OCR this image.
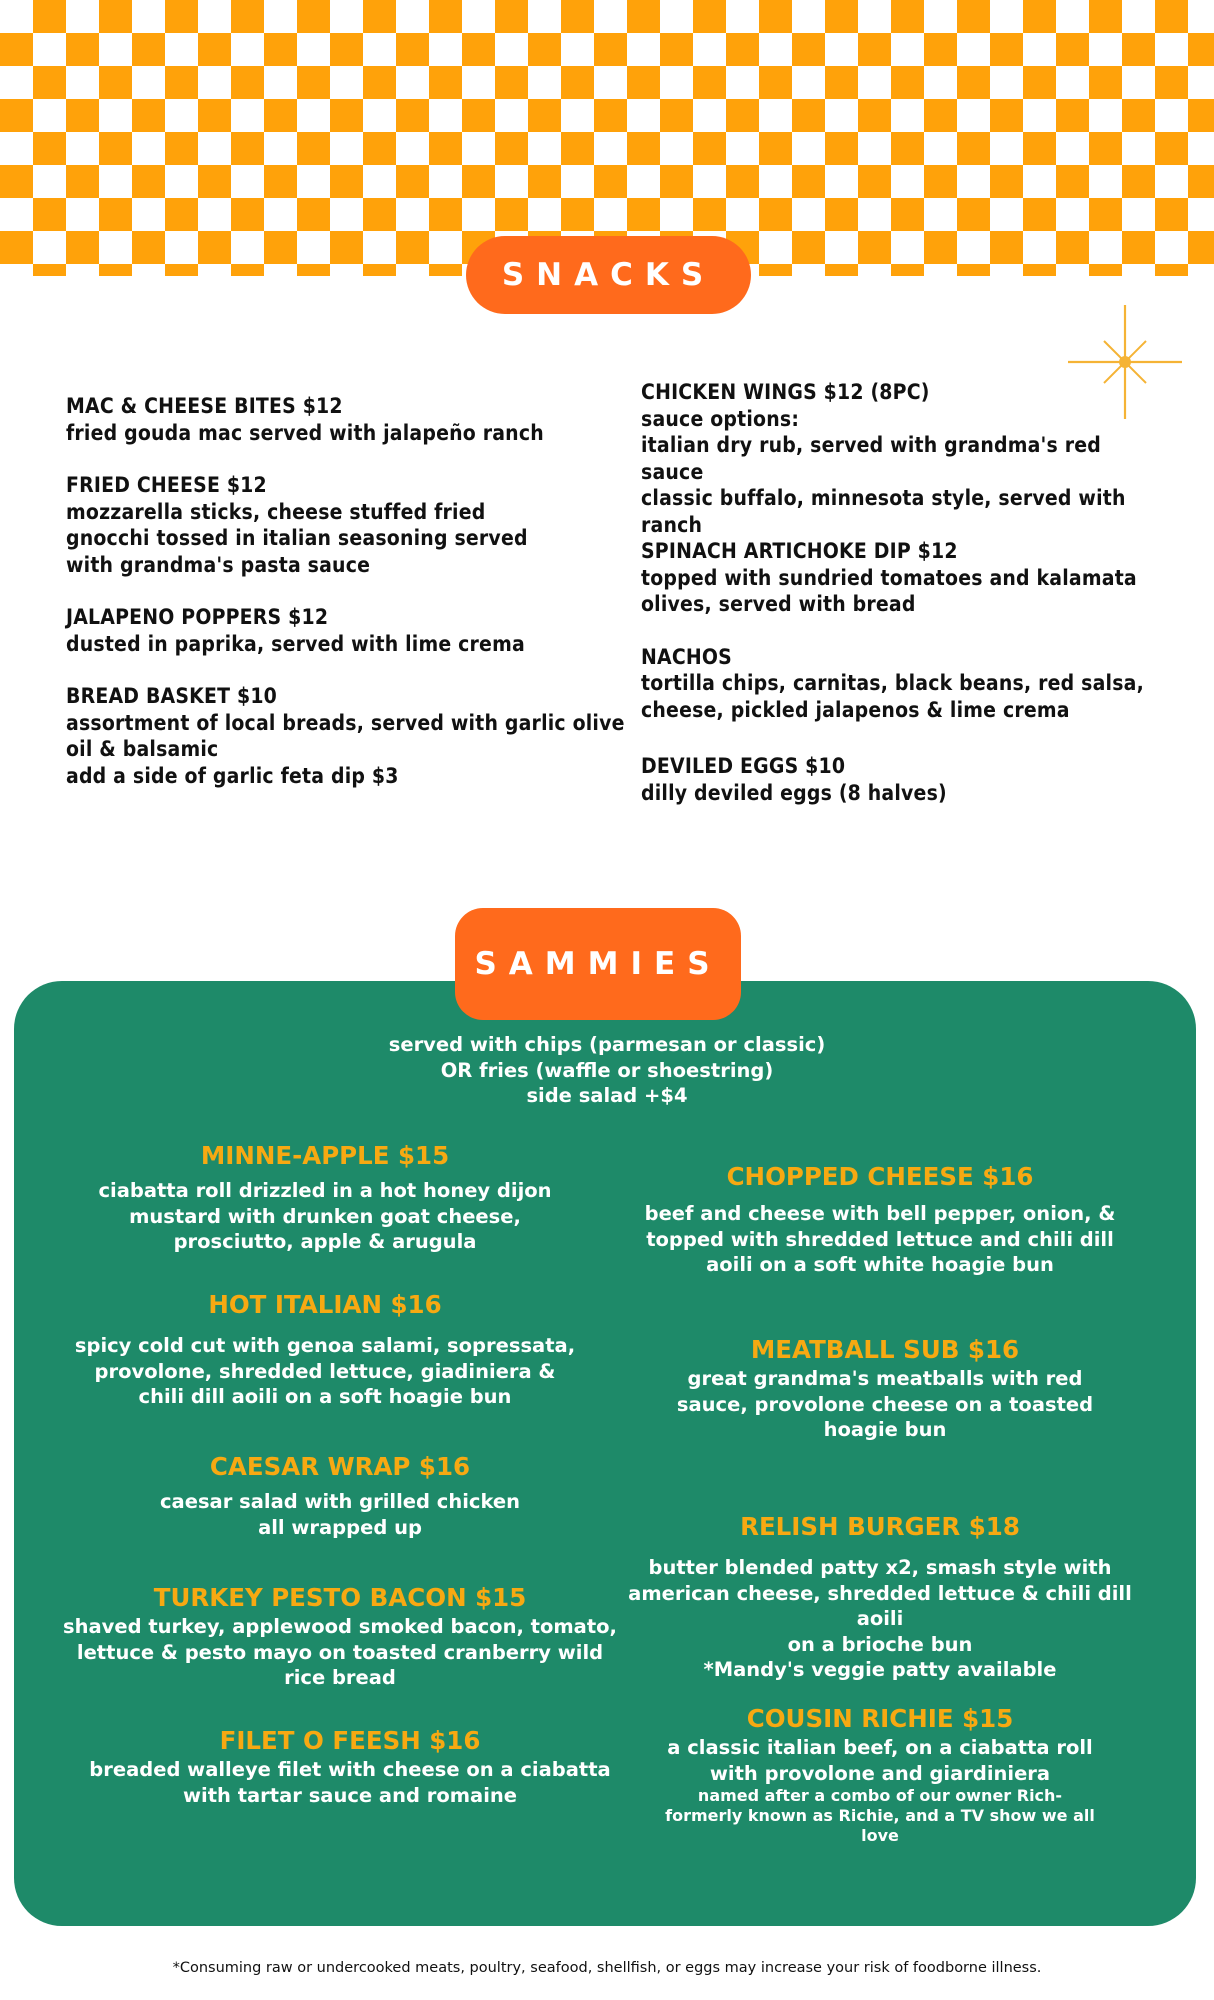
SNACKS
MAC & CHEESE BITES $12
fried gouda mac served with jalapeño ranch
FRIED CHEESE $12
mozzarella sticks, cheese stuffed fried
gnocchi tossed in italian seasoning served
with grandma's pasta sauce
JALAPENO POPPERS $12
dusted in paprika, served with lime crema
BREAD BASKET $10
assortment of local breads, served with garlic olive
oil & balsamic
add a side of garlic feta dip $3
CHICKEN WINGS $12 (8PC)
sauce options:
italian dry rub, served with grandma's red
sauce
classic buffalo, minnesota style, served with
ranch
SPINACH ARTICHOKE DIP $12
topped with sundried tomatoes and kalamata
olives, served with bread
NACHOS
tortilla chips, carnitas, black beans, red salsa,
cheese, pickled jalapenos & lime crema
DEVILED EGGS $10
dilly deviled eggs (8 halves)
SAMMIES
served with chips (parmesan or classic)
OR fries (waffle or shoestring)
side salad +$4
MINNE-APPLE $15
ciabatta roll drizzled in a hot honey dijon
mustard with drunken goat cheese,
prosciutto, apple & arugula
HOT ITALIAN $16
spicy cold cut with genoa salami, sopressata,
provolone, shredded lettuce, giadiniera &
chili dill aoili on a soft hoagie bun
CAESAR WRAP $16
caesar salad with grilled chicken
all wrapped up
TURKEY PESTO BACON $15
shaved turkey, applewood smoked bacon, tomato,
lettuce & pesto mayo on toasted cranberry wild
rice bread
FILET O FEESH $16
breaded walleye filet with cheese on a ciabatta
with tartar sauce and romaine
CHOPPED CHEESE $16
beef and cheese with bell pepper, onion, &
topped with shredded lettuce and chili dill
aoili on a soft white hoagie bun
MEATBALL SUB $16
great grandma's meatballs with red
sauce, provolone cheese on a toasted
hoagie bun
RELISH BURGER $18
butter blended patty x2, smash style with
american cheese, shredded lettuce & chili dill aoili
on a brioche bun
*Mandy's veggie patty available
COUSIN RICHIE $15
a classic italian beef, on a ciabatta roll
with provolone and giardiniera
named after a combo of our owner Rich-
formerly known as Richie, and a TV show we all
love
*Consuming raw or undercooked meats, poultry, seafood, shellfish, or eggs may increase your risk of foodborne illness.
